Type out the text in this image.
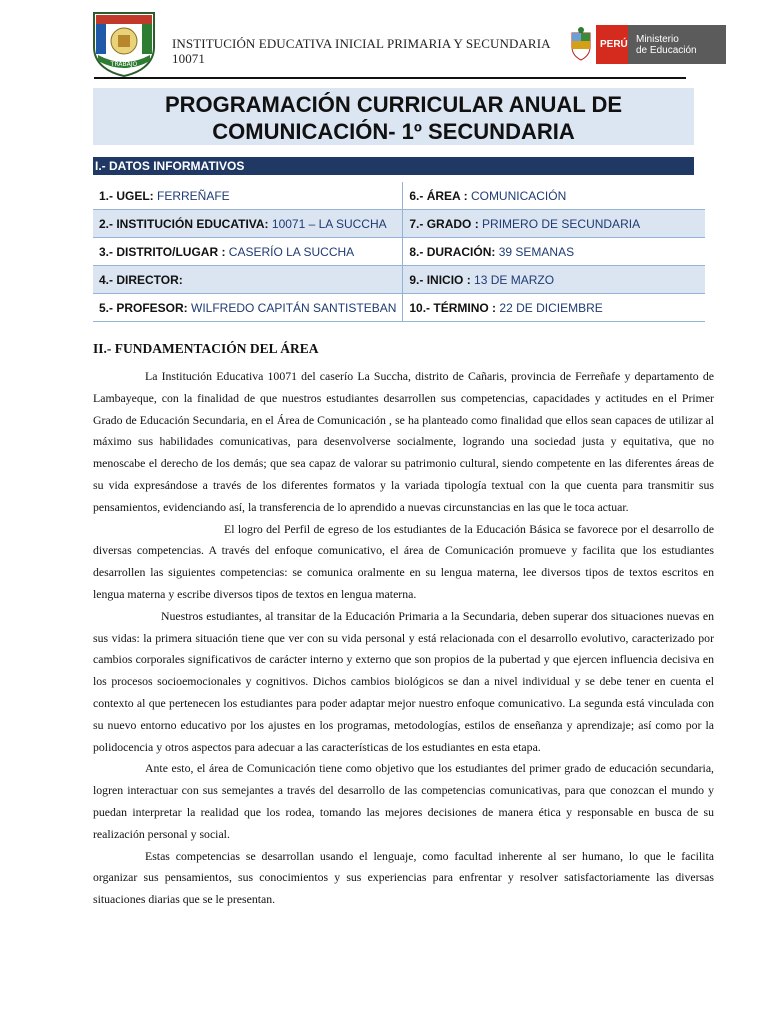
TRABAJO
INSTITUCIÓN EDUCATIVA INICIAL PRIMARIA Y SECUNDARIA
10071
PERÚ Ministerio
de Educación
PROGRAMACIÓN CURRICULAR ANUAL DE
COMUNICACIÓN- 1º SECUNDARIA
I.- DATOS INFORMATIVOS
1.- UGEL: FERREÑAFE	6.- ÁREA : COMUNICACIÓN
2.- INSTITUCIÓN EDUCATIVA: 10071 – LA SUCCHA	7.- GRADO : PRIMERO DE SECUNDARIA
3.- DISTRITO/LUGAR : CASERÍO LA SUCCHA	8.- DURACIÓN: 39 SEMANAS
4.- DIRECTOR:	9.- INICIO : 13 DE MARZO
5.- PROFESOR: WILFREDO CAPITÁN SANTISTEBAN	10.- TÉRMINO : 22 DE DICIEMBRE
II.- FUNDAMENTACIÓN DEL ÁREA

La Institución Educativa 10071 del caserío La Succha, distrito de Cañaris, provincia de Ferreñafe y departamento de Lambayeque, con la finalidad de que nuestros estudiantes desarrollen sus competencias, capacidades y actitudes en el Primer Grado de Educación Secundaria, en el Área de Comunicación , se ha planteado como finalidad que ellos sean capaces de utilizar al máximo sus habilidades comunicativas, para desenvolverse socialmente, logrando una sociedad justa y equitativa, que no menoscabe el derecho de los demás; que sea capaz de valorar su patrimonio cultural, siendo competente en las diferentes áreas de su vida expresándose a través de los diferentes formatos y la variada tipología textual con la que cuenta para transmitir sus pensamientos, evidenciando así, la transferencia de lo aprendido a nuevas circunstancias en las que le toca actuar.

El logro del Perfil de egreso de los estudiantes de la Educación Básica se favorece por el desarrollo de diversas competencias. A través del enfoque comunicativo, el área de Comunicación promueve y facilita que los estudiantes desarrollen las siguientes competencias: se comunica oralmente en su lengua materna, lee diversos tipos de textos escritos en lengua materna y escribe diversos tipos de textos en lengua materna.

Nuestros estudiantes, al transitar de la Educación Primaria a la Secundaria, deben superar dos situaciones nuevas en sus vidas: la primera situación tiene que ver con su vida personal y está relacionada con el desarrollo evolutivo, caracterizado por cambios corporales significativos de carácter interno y externo que son propios de la pubertad y que ejercen influencia decisiva en los procesos socioemocionales y cognitivos. Dichos cambios biológicos se dan a nivel individual y se debe tener en cuenta el contexto al que pertenecen los estudiantes para poder adaptar mejor nuestro enfoque comunicativo. La segunda está vinculada con su nuevo entorno educativo por los ajustes en los programas, metodologías, estilos de enseñanza y aprendizaje; así como por la polidocencia y otros aspectos para adecuar a las características de los estudiantes en esta etapa.

Ante esto, el área de Comunicación tiene como objetivo que los estudiantes del primer grado de educación secundaria, logren interactuar con sus semejantes a través del desarrollo de las competencias comunicativas, para que conozcan el mundo y puedan interpretar la realidad que los rodea, tomando las mejores decisiones de manera ética y responsable en busca de su realización personal y social.

Estas competencias se desarrollan usando el lenguaje, como facultad inherente al ser humano, lo que le facilita organizar sus pensamientos, sus conocimientos y sus experiencias para enfrentar y resolver satisfactoriamente las diversas situaciones diarias que se le presentan.
